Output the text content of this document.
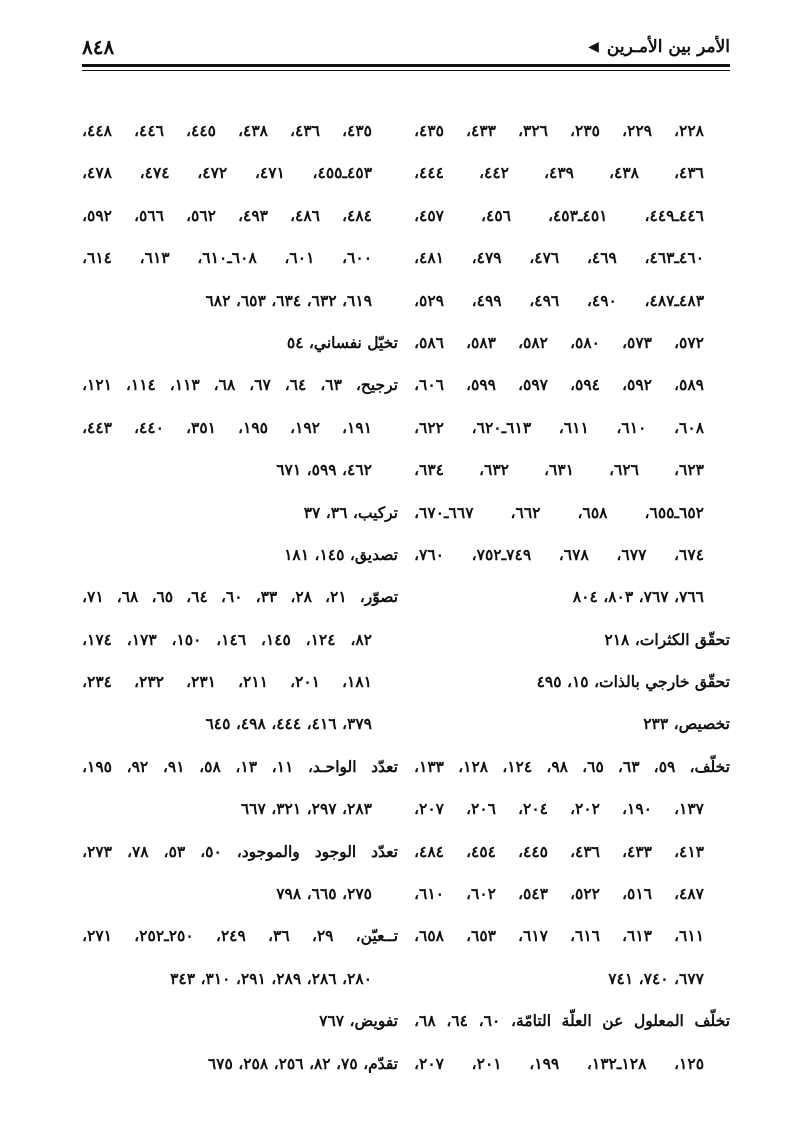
٨٤٨	الأمر بين الأمـرين
◀
٤٣٥، ٤٣٦، ٤٣٨، ٤٤٥، ٤٤٦، ٤٤٨،
٤٥٣ـ٤٥٥، ٤٧١، ٤٧٢، ٤٧٤، ٤٧٨،
٤٨٤، ٤٨٦، ٤٩٣، ٥٦٢، ٥٦٦، ٥٩٢،
٦٠٠، ٦٠١، ٦٠٨ـ٦١٠، ٦١٣، ٦١٤،
٦١٩، ٦٣٢، ٦٣٤، ٦٥٣، ٦٨٢
تخيّل نفساني، ٥٤
ترجيح، ٦٣، ٦٤، ٦٧، ٦٨، ١١٣، ١١٤، ١٢١،
١٩١، ١٩٢، ١٩٥، ٣٥١، ٤٤٠، ٤٤٣،
٤٦٢، ٥٩٩، ٦٧١
تركيب، ٣٦، ٣٧
تصديق، ١٤٥، ١٨١
تصوّر، ٢١، ٢٨، ٣٣، ٦٠، ٦٤، ٦٥، ٦٨، ٧١،
٨٢، ١٢٤، ١٤٥، ١٤٦، ١٥٠، ١٧٣، ١٧٤،
١٨١، ٢٠١، ٢١١، ٢٣١، ٢٣٢، ٢٣٤،
٣٧٩، ٤١٦، ٤٤٤، ٤٩٨، ٦٤٥
تعدّد الواحـد، ١١، ١٣، ٥٨، ٩١، ٩٢، ١٩٥،
٢٨٣، ٢٩٧، ٣٢١، ٦٦٧
تعدّد الوجود والموجود، ٥٠، ٥٣، ٧٨، ٢٧٣،
٢٧٥، ٦٦٥، ٧٩٨
تــعيّن، ٢٩، ٣٦، ٢٤٩، ٢٥٠ـ٢٥٢، ٢٧١،
٢٨٠، ٢٨٦، ٢٨٩، ٢٩١، ٣١٠، ٣٤٣
تفويض، ٧٦٧
تقدّم، ٧٥، ٨٢، ٢٥٦، ٢٥٨، ٦٧٥
٢٢٨، ٢٢٩، ٢٣٥، ٣٢٦، ٤٣٣، ٤٣٥،
٤٣٦، ٤٣٨، ٤٣٩، ٤٤٢، ٤٤٤،
٤٤٦ـ٤٤٩، ٤٥١ـ٤٥٣، ٤٥٦، ٤٥٧،
٤٦٠ـ٤٦٣، ٤٦٩، ٤٧٦، ٤٧٩، ٤٨١،
٤٨٣ـ٤٨٧، ٤٩٠، ٤٩٦، ٤٩٩، ٥٢٩،
٥٧٢، ٥٧٣، ٥٨٠، ٥٨٢، ٥٨٣، ٥٨٦،
٥٨٩، ٥٩٢، ٥٩٤، ٥٩٧، ٥٩٩، ٦٠٦،
٦٠٨، ٦١٠، ٦١١، ٦١٣ـ٦٢٠، ٦٢٢،
٦٢٣، ٦٢٦، ٦٣١، ٦٣٢، ٦٣٤،
٦٥٢ـ٦٥٥، ٦٥٨، ٦٦٢، ٦٦٧ـ٦٧٠،
٦٧٤، ٦٧٧، ٦٧٨، ٧٤٩ـ٧٥٢، ٧٦٠،
٧٦٦، ٧٦٧، ٨٠٣، ٨٠٤
تحقّق الكثرات، ٢١٨
تحقّق خارجي بالذات، ١٥، ٤٩٥
تخصيص، ٢٣٣
تخلّف، ٥٩، ٦٣، ٦٥، ٩٨، ١٢٤، ١٢٨، ١٣٣،
١٣٧، ١٩٠، ٢٠٢، ٢٠٤، ٢٠٦، ٢٠٧،
٤١٣، ٤٣٣، ٤٣٦، ٤٤٥، ٤٥٤، ٤٨٤،
٤٨٧، ٥١٦، ٥٢٢، ٥٤٣، ٦٠٢، ٦١٠،
٦١١، ٦١٣، ٦١٦، ٦١٧، ٦٥٣، ٦٥٨،
٦٧٧، ٧٤٠، ٧٤١
تخلّف المعلول عن العلّة التامّة، ٦٠، ٦٤، ٦٨،
١٢٥، ١٢٨ـ١٣٢، ١٩٩، ٢٠١، ٢٠٧،
